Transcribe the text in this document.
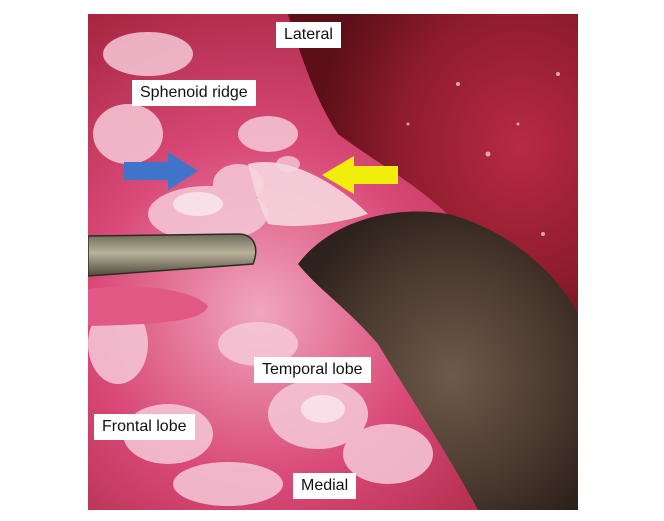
Lateral
Sphenoid ridge
Temporal lobe
Frontal lobe
Medial
